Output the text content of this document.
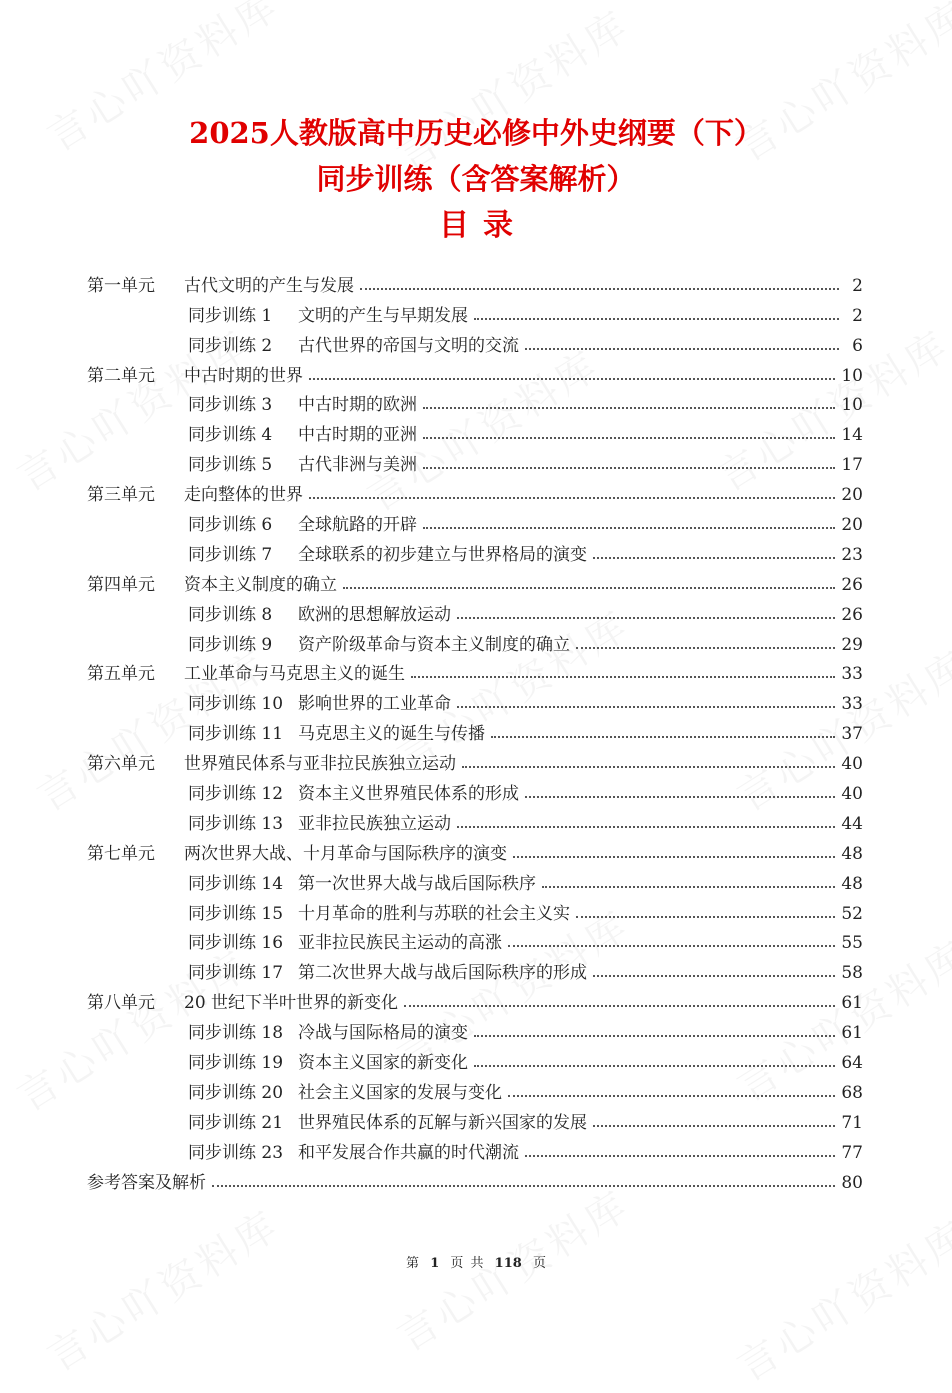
2025人教版高中历史必修中外史纲要（下）
同步训练（含答案解析）
目录
第一单元	古代文明的产生与发展	2
同步训练 1	文明的产生与早期发展	2
同步训练 2	古代世界的帝国与文明的交流	6
第二单元	中古时期的世界	10
同步训练 3	中古时期的欧洲	10
同步训练 4	中古时期的亚洲	14
同步训练 5	古代非洲与美洲	17
第三单元	走向整体的世界	20
同步训练 6	全球航路的开辟	20
同步训练 7	全球联系的初步建立与世界格局的演变	23
第四单元	资本主义制度的确立	26
同步训练 8	欧洲的思想解放运动	26
同步训练 9	资产阶级革命与资本主义制度的确立	29
第五单元	工业革命与马克思主义的诞生	33
同步训练 10 影响世界的工业革命	33
同步训练 11 马克思主义的诞生与传播	37
第六单元	世界殖民体系与亚非拉民族独立运动	40
同步训练 12 资本主义世界殖民体系的形成	40
同步训练 13 亚非拉民族独立运动	44
第七单元	两次世界大战、十月革命与国际秩序的演变	48
同步训练 14 第一次世界大战与战后国际秩序	48
同步训练 15 十月革命的胜利与苏联的社会主义实	52
同步训练 16 亚非拉民族民主运动的高涨	55
同步训练 17 第二次世界大战与战后国际秩序的形成	58
第八单元	20 世纪下半叶世界的新变化	61
同步训练 18 冷战与国际格局的演变	61
同步训练 19 资本主义国家的新变化	64
同步训练 20 社会主义国家的发展与变化	68
同步训练 21 世界殖民体系的瓦解与新兴国家的发展	71
同步训练 23 和平发展合作共赢的时代潮流	77
参考答案及解析	80
第 1 页 共 118 页
